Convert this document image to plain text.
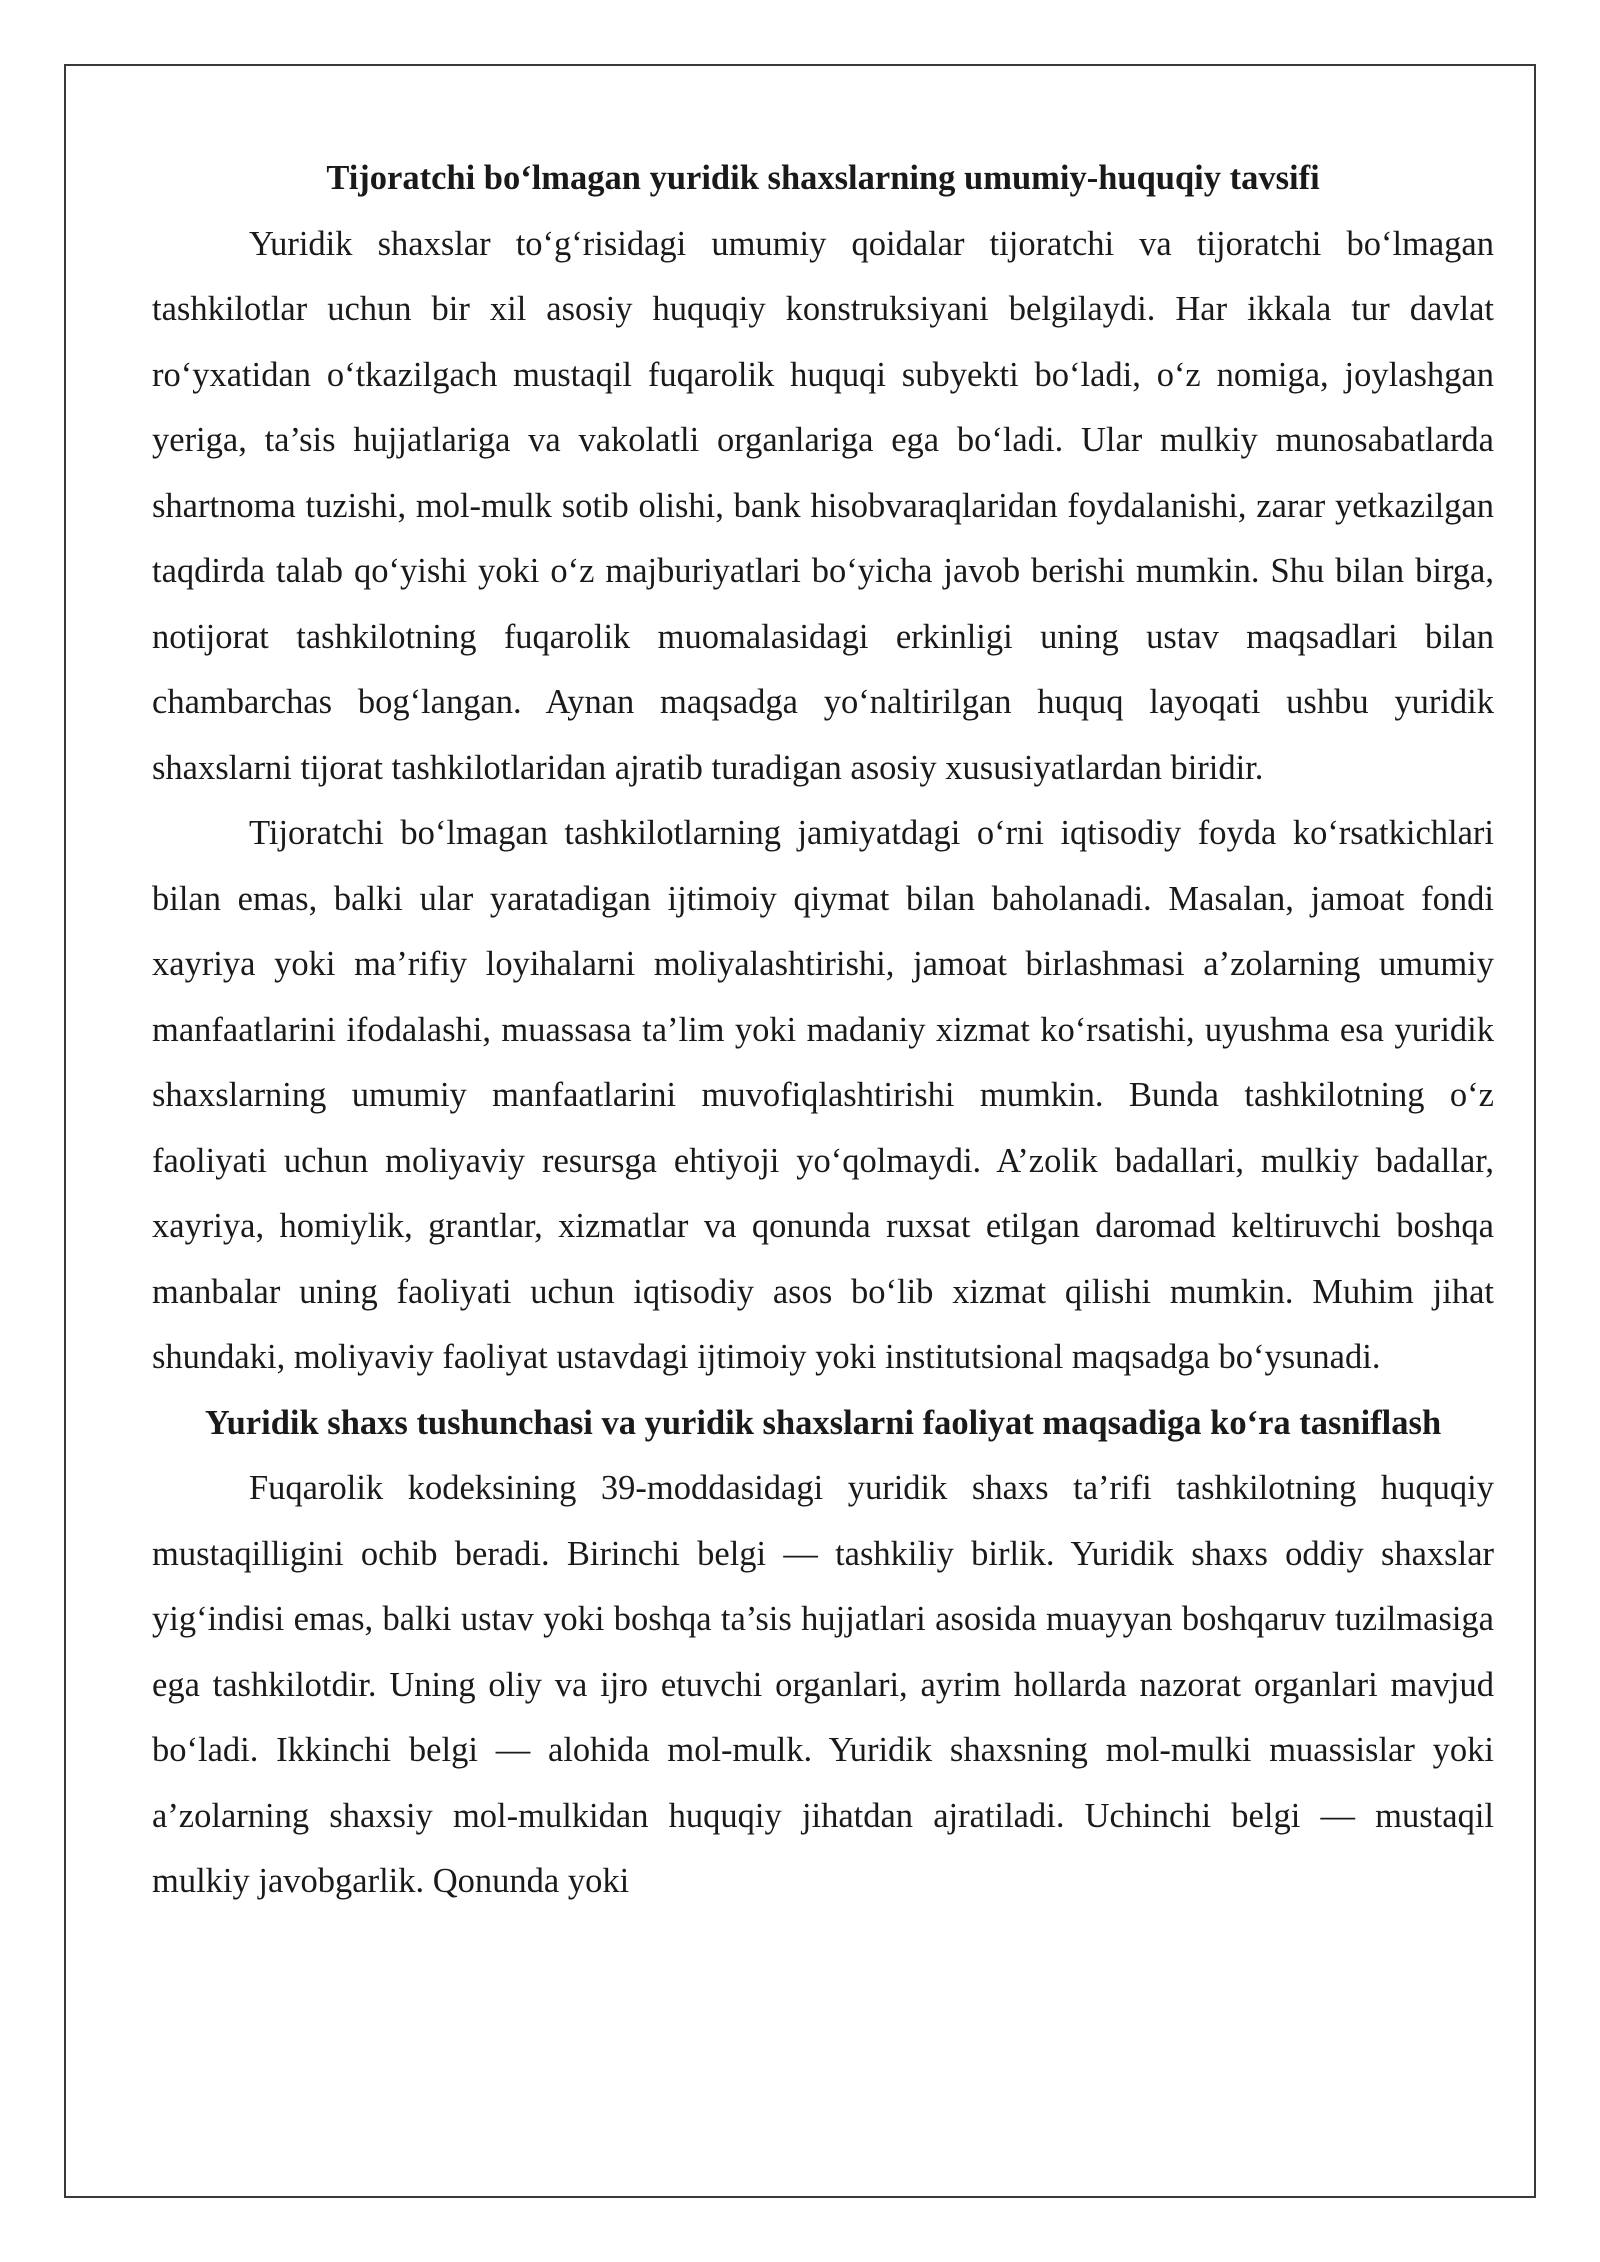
Tijoratchi bo‘lmagan yuridik shaxslarning umumiy-huquqiy tavsifi

Yuridik shaxslar to‘g‘risidagi umumiy qoidalar tijoratchi va tijoratchi bo‘lmagan tashkilotlar uchun bir xil asosiy huquqiy konstruksiyani belgilaydi. Har ikkala tur davlat ro‘yxatidan o‘tkazilgach mustaqil fuqarolik huquqi subyekti bo‘ladi, o‘z nomiga, joylashgan yeriga, ta’sis hujjatlariga va vakolatli organlariga ega bo‘ladi. Ular mulkiy munosabatlarda shartnoma tuzishi, mol-mulk sotib olishi, bank hisobvaraqlaridan foydalanishi, zarar yetkazilgan taqdirda talab qo‘yishi yoki o‘z majburiyatlari bo‘yicha javob berishi mumkin. Shu bilan birga, notijorat tashkilotning fuqarolik muomalasidagi erkinligi uning ustav maqsadlari bilan chambarchas bog‘langan. Aynan maqsadga yo‘naltirilgan huquq layoqati ushbu yuridik shaxslarni tijorat tashkilotlaridan ajratib turadigan asosiy xususiyatlardan biridir.

Tijoratchi bo‘lmagan tashkilotlarning jamiyatdagi o‘rni iqtisodiy foyda ko‘rsatkichlari bilan emas, balki ular yaratadigan ijtimoiy qiymat bilan baholanadi. Masalan, jamoat fondi xayriya yoki ma’rifiy loyihalarni moliyalashtirishi, jamoat birlashmasi a’zolarning umumiy manfaatlarini ifodalashi, muassasa ta’lim yoki madaniy xizmat ko‘rsatishi, uyushma esa yuridik shaxslarning umumiy manfaatlarini muvofiqlashtirishi mumkin. Bunda tashkilotning o‘z faoliyati uchun moliyaviy resursga ehtiyoji yo‘qolmaydi. A’zolik badallari, mulkiy badallar, xayriya, homiylik, grantlar, xizmatlar va qonunda ruxsat etilgan daromad keltiruvchi boshqa manbalar uning faoliyati uchun iqtisodiy asos bo‘lib xizmat qilishi mumkin. Muhim jihat shundaki, moliyaviy faoliyat ustavdagi ijtimoiy yoki institutsional maqsadga bo‘ysunadi.

Yuridik shaxs tushunchasi va yuridik shaxslarni faoliyat maqsadiga ko‘ra tasniflash

Fuqarolik kodeksining 39-moddasidagi yuridik shaxs ta’rifi tashkilotning huquqiy mustaqilligini ochib beradi. Birinchi belgi — tashkiliy birlik. Yuridik shaxs oddiy shaxslar yig‘indisi emas, balki ustav yoki boshqa ta’sis hujjatlari asosida muayyan boshqaruv tuzilmasiga ega tashkilotdir. Uning oliy va ijro etuvchi organlari, ayrim hollarda nazorat organlari mavjud bo‘ladi. Ikkinchi belgi — alohida mol-mulk. Yuridik shaxsning mol-mulki muassislar yoki a’zolarning shaxsiy mol-mulkidan huquqiy jihatdan ajratiladi. Uchinchi belgi — mustaqil mulkiy javobgarlik. Qonunda yoki
